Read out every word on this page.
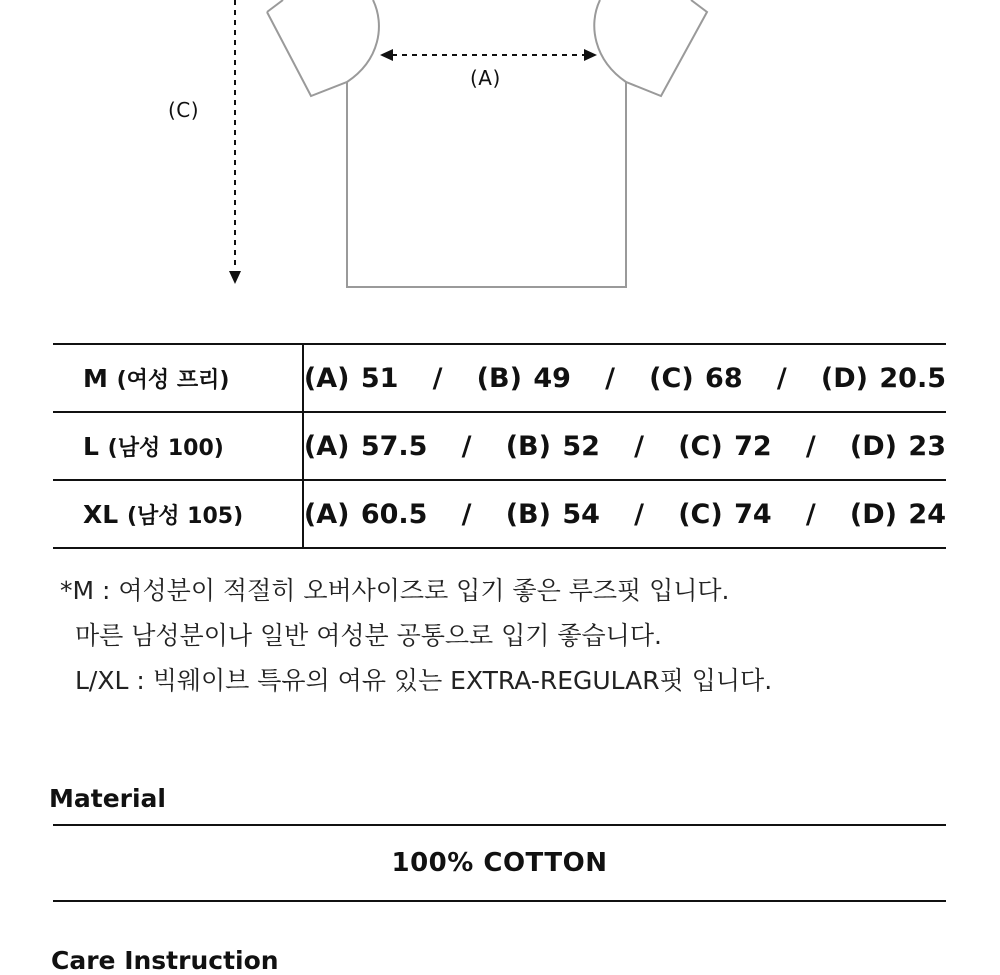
(A)
(C)
M (여성 프리)	(A) 51   /   (B) 49   /   (C) 68   /   (D) 20.5
L (남성 100)	(A) 57.5   /   (B) 52   /   (C) 72   /   (D) 23
XL (남성 105)	(A) 60.5   /   (B) 54   /   (C) 74   /   (D) 24
*M : 여성분이 적절히 오버사이즈로 입기 좋은 루즈핏 입니다.
마른 남성분이나 일반 여성분 공통으로 입기 좋습니다.
L/XL : 빅웨이브 특유의 여유 있는 EXTRA-REGULAR핏 입니다.
Material
100% COTTON
Care Instruction
